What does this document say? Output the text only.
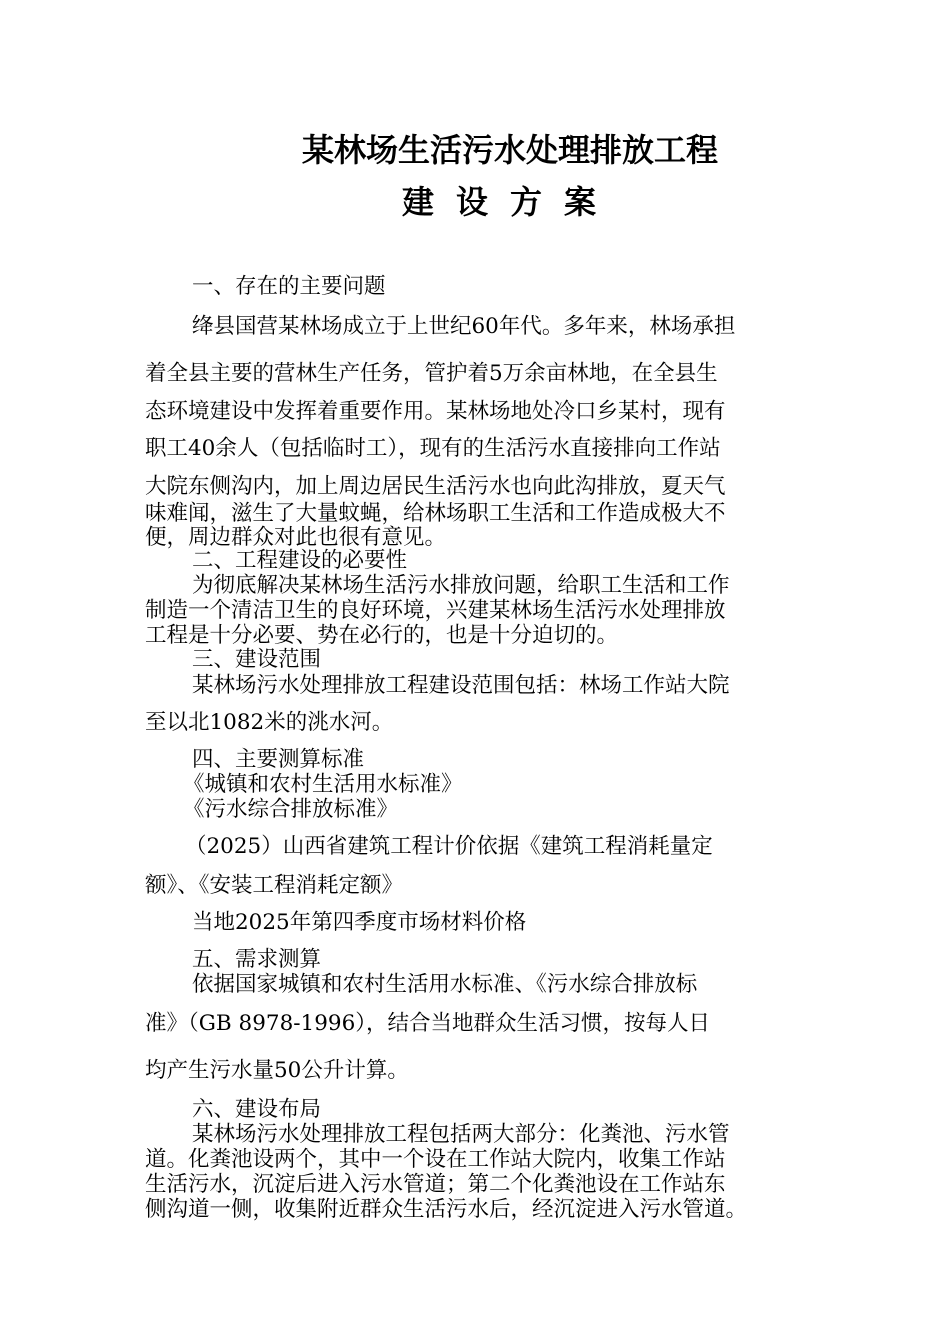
某林场生活污水处理排放工程
建设方案

一、存在的主要问题

绛县国营某林场成立于上世纪60年代。多年来，林场承担

着全县主要的营林生产任务，管护着5万余亩林地，在全县生

态环境建设中发挥着重要作用。某林场地处冷口乡某村，现有

职工40余人（包括临时工），现有的生活污水直接排向工作站

大院东侧沟内，加上周边居民生活污水也向此沟排放，夏天气

味难闻，滋生了大量蚊蝇，给林场职工生活和工作造成极大不

便，周边群众对此也很有意见。

二、工程建设的必要性

为彻底解决某林场生活污水排放问题，给职工生活和工作

制造一个清洁卫生的良好环境，兴建某林场生活污水处理排放

工程是十分必要、势在必行的，也是十分迫切的。

三、建设范围

某林场污水处理排放工程建设范围包括：林场工作站大院

至以北1082米的洮水河。

四、主要测算标准

《城镇和农村生活用水标准》

《污水综合排放标准》

（2025）山西省建筑工程计价依据《建筑工程消耗量定

额》、《安装工程消耗定额》

当地2025年第四季度市场材料价格

五、需求测算

依据国家城镇和农村生活用水标准、《污水综合排放标

准》（GB 8978-1996），结合当地群众生活习惯，按每人日

均产生污水量50公升计算。

六、建设布局

某林场污水处理排放工程包括两大部分：化粪池、污水管

道。化粪池设两个，其中一个设在工作站大院内，收集工作站

生活污水，沉淀后进入污水管道；第二个化粪池设在工作站东

侧沟道一侧，收集附近群众生活污水后，经沉淀进入污水管道。
